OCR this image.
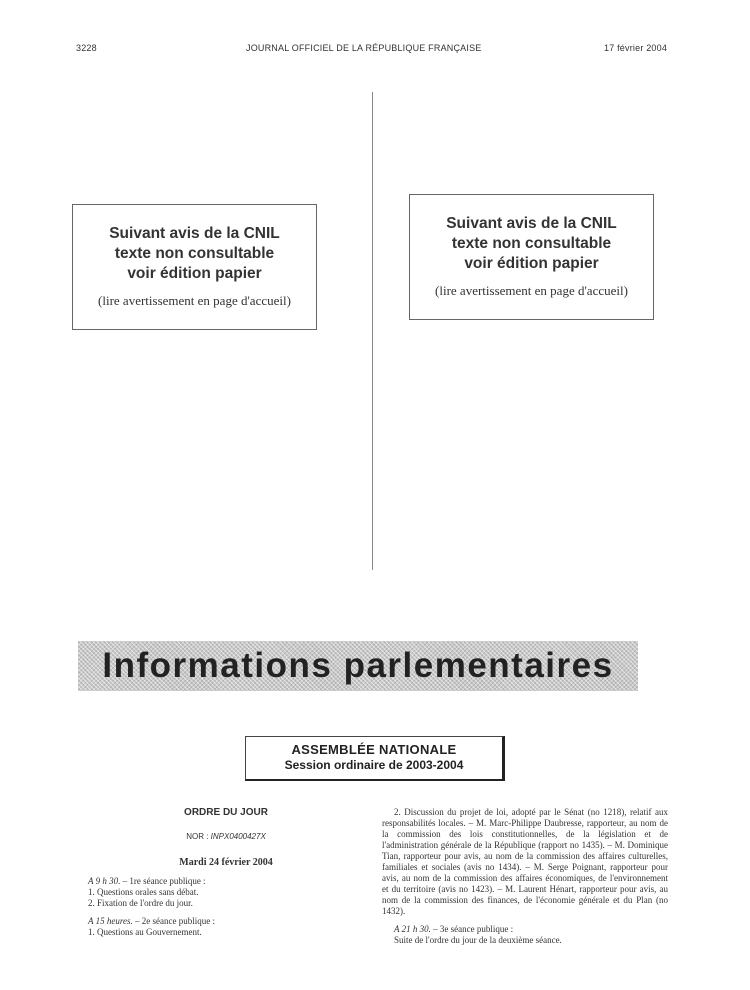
3228	JOURNAL OFFICIEL DE LA RÉPUBLIQUE FRANÇAISE	17 février 2004
Suivant avis de la CNIL
texte non consultable
voir édition papier
(lire avertissement en page d'accueil)
Suivant avis de la CNIL
texte non consultable
voir édition papier
(lire avertissement en page d'accueil)
Informations parlementaires
ASSEMBLÉE NATIONALE
Session ordinaire de 2003-2004
ORDRE DU JOUR
NOR : INPX0400427X
Mardi 24 février 2004

A 9 h 30. – 1re séance publique :

1. Questions orales sans débat.

2. Fixation de l'ordre du jour.

A 15 heures. – 2e séance publique :

1. Questions au Gouvernement.

2. Discussion du projet de loi, adopté par le Sénat (no 1218), relatif aux responsabilités locales. – M. Marc-Philippe Daubresse, rapporteur, au nom de la commission des lois constitutionnelles, de la législation et de l'administration générale de la République (rapport no 1435). – M. Dominique Tian, rapporteur pour avis, au nom de la commission des affaires culturelles, familiales et sociales (avis no 1434). – M. Serge Poignant, rapporteur pour avis, au nom de la commission des affaires économiques, de l'environnement et du territoire (avis no 1423). – M. Laurent Hénart, rapporteur pour avis, au nom de la commission des finances, de l'économie générale et du Plan (no 1432).

A 21 h 30. – 3e séance publique :

Suite de l'ordre du jour de la deuxième séance.
